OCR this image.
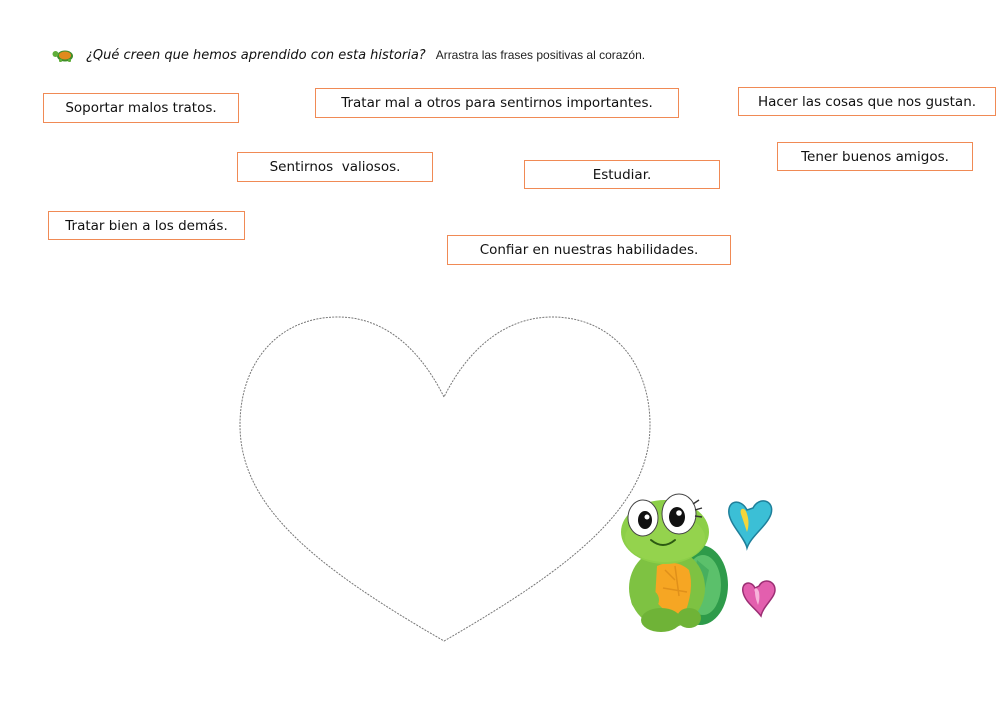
¿Qué creen que hemos aprendido con esta historia? Arrastra las frases positivas al corazón.
Soportar malos tratos.	Tratar mal a otros para sentirnos importantes.	Hacer las cosas que nos gustan.
Sentirnos  valiosos.	Estudiar.
Tener buenos amigos.
Tratar bien a los demás.
Confiar en nuestras habilidades.
